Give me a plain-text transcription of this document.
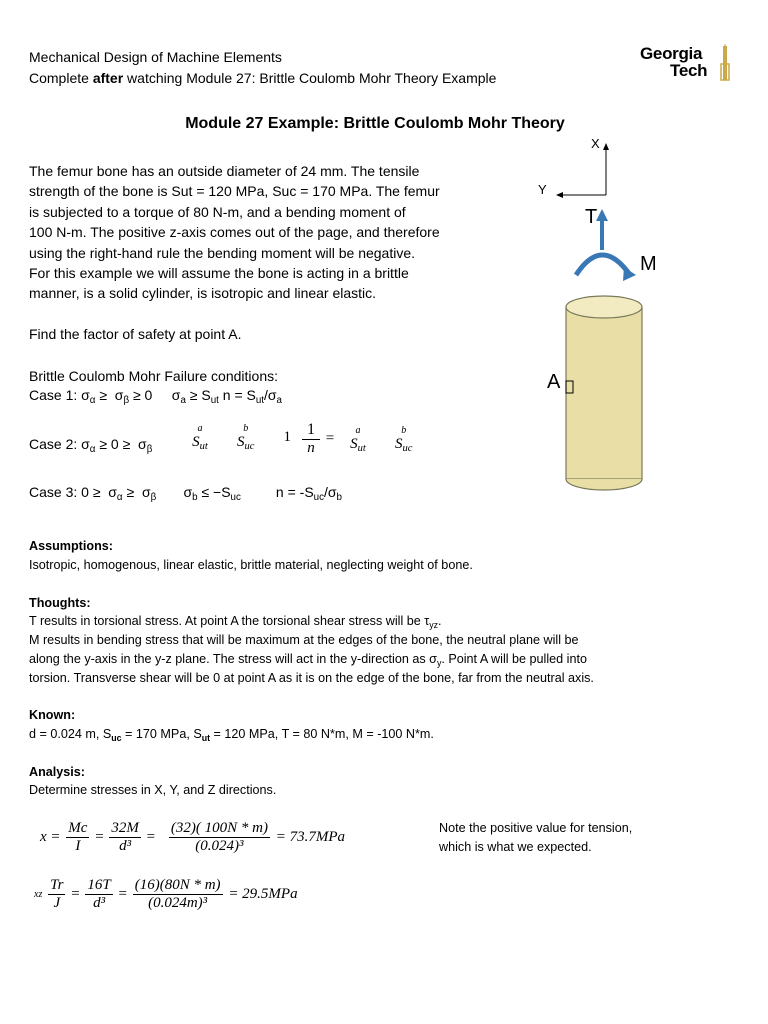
Mechanical Design of Machine Elements
Complete after watching Module 27: Brittle Coulomb Mohr Theory Example
Georgia
Tech
Module 27 Example: Brittle Coulomb Mohr Theory
The femur bone has an outside diameter of 24 mm. The tensile
strength of the bone is Sut = 120 MPa, Suc = 170 MPa. The femur
is subjected to a torque of 80 N-m, and a bending moment of
100 N-m. The positive z-axis comes out of the page, and therefore
using the right-hand rule the bending moment will be negative.
For this example we will assume the bone is acting in a brittle
manner, is a solid cylinder, is isotropic and linear elastic.
Find the factor of safety at point A.
Brittle Coulomb Mohr Failure conditions:
Case 1: $\sigma_\alpha \ge \sigma_\beta \ge 0$     $\sigma_a \ge S_{ut}$ $n = S_{ut}/\sigma_a$
Case 2: $\sigma_\alpha \ge 0 \ge \sigma_\beta$
a
$S_{ut}$

b
$S_{uc}$
$1 \frac{1}{n}$ =	a
$S_{ut}$

b
$S_{uc}$
Case 3: $0 \ge \sigma_\alpha \ge \sigma_\beta$       $\sigma_b \le -S_{uc}$         $n = -S_{uc}/\sigma_b$
X
Y
T
M
A
Assumptions:
Isotropic, homogenous, linear elastic, brittle material, neglecting weight of bone.
Thoughts:
T results in torsional stress. At point A the torsional shear stress will be $\tau_{yz}$.
M results in bending stress that will be maximum at the edges of the bone, the neutral plane will be
along the y-axis in the y-z plane. The stress will act in the y-direction as $\sigma_y$. Point A will be pulled into
torsion. Transverse shear will be 0 at point A as it is on the edge of the bone, far from the neutral axis.
Known:
d = 0.024 m, $S_{uc} = 170$ MPa, $S_{ut} = 120$ MPa, T = 80 N*m, M = -100 N*m.
Analysis:
Determine stresses in X, Y, and Z directions.
$x = \frac{Mc}{I} = \frac{32M}{\text{d³}} = \frac{(32)( 100N * m)}{\text{(0.024)³}} = 73.7MPa$
Note the positive value for tension,
which is what we expected.
xz $\frac{Tr}{J} = \frac{16T}{\text{d³}} = \frac{(16)(80N * m)}{\text{(0.024m)³}} = 29.5MPa$
